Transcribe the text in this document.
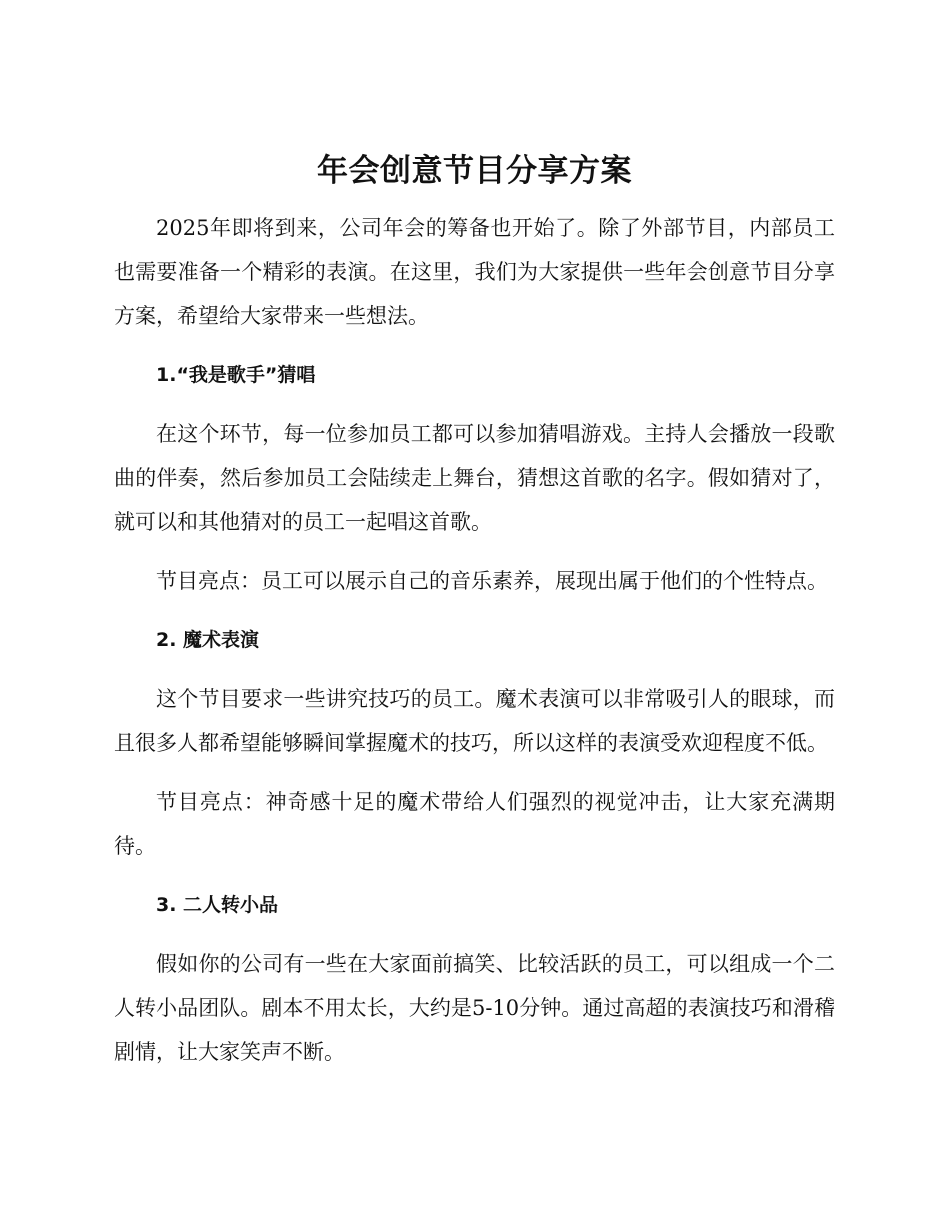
年会创意节目分享方案

2025年即将到来，公司年会的筹备也开始了。除了外部节目，内部员工也需要准备一个精彩的表演。在这里，我们为大家提供一些年会创意节目分享方案，希望给大家带来一些想法。

1.“我是歌手”猜唱

在这个环节，每一位参加员工都可以参加猜唱游戏。主持人会播放一段歌曲的伴奏，然后参加员工会陆续走上舞台，猜想这首歌的名字。假如猜对了，就可以和其他猜对的员工一起唱这首歌。

节目亮点：员工可以展示自己的音乐素养，展现出属于他们的个性特点。

2. 魔术表演

这个节目要求一些讲究技巧的员工。魔术表演可以非常吸引人的眼球，而且很多人都希望能够瞬间掌握魔术的技巧，所以这样的表演受欢迎程度不低。

节目亮点：神奇感十足的魔术带给人们强烈的视觉冲击，让大家充满期待。

3. 二人转小品

假如你的公司有一些在大家面前搞笑、比较活跃的员工，可以组成一个二人转小品团队。剧本不用太长，大约是5-10分钟。通过高超的表演技巧和滑稽剧情，让大家笑声不断。
